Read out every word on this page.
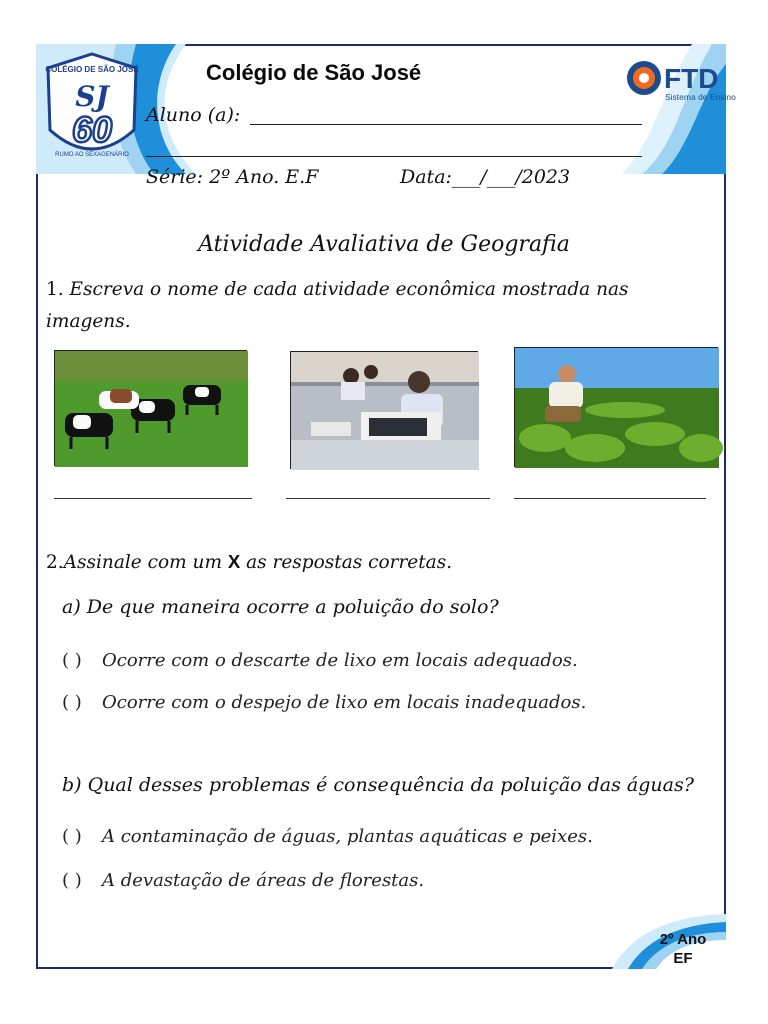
COLÉGIO DE SÃO JOSÉ
SJ
60
RUMO AO SEXAGENÁRIO
Colégio de São José	FTD
Sistema de Ensino
Aluno (a):
Série: 2º Ano. E.F	Data:___/___/2023
Atividade Avaliativa de Geografia
1. Escreva o nome de cada atividade econômica mostrada nas imagens.
2.Assinale com um X as respostas corretas.
a) De que maneira ocorre a poluição do solo?
( ) Ocorre com o descarte de lixo em locais adequados.
( ) Ocorre com o despejo de lixo em locais inadequados.
b) Qual desses problemas é consequência da poluição das águas?
( ) A contaminação de águas, plantas aquáticas e peixes.
( ) A devastação de áreas de florestas.
2º Ano
EF
